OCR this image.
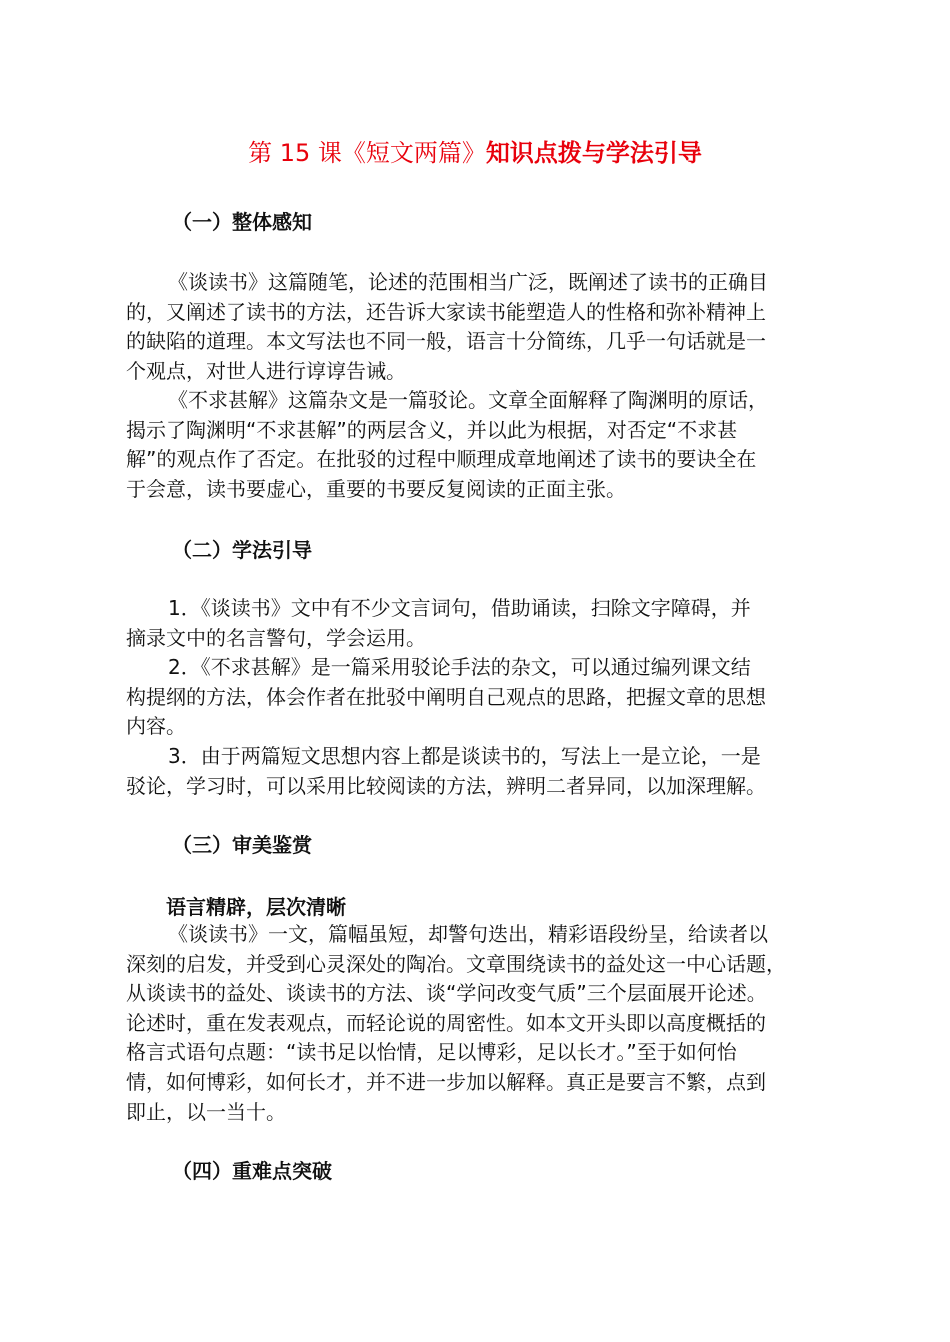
第 15 课《短文两篇》知识点拨与学法引导
（一）整体感知
《谈读书》这篇随笔，论述的范围相当广泛，既阐述了读书的正确目
的，又阐述了读书的方法，还告诉大家读书能塑造人的性格和弥补精神上
的缺陷的道理。本文写法也不同一般，语言十分简练，几乎一句话就是一
个观点，对世人进行谆谆告诫。
《不求甚解》这篇杂文是一篇驳论。文章全面解释了陶渊明的原话，
揭示了陶渊明“不求甚解”的两层含义，并以此为根据，对否定“不求甚
解”的观点作了否定。在批驳的过程中顺理成章地阐述了读书的要诀全在
于会意，读书要虚心，重要的书要反复阅读的正面主张。
（二）学法引导
1．《谈读书》文中有不少文言词句，借助诵读，扫除文字障碍，并
摘录文中的名言警句，学会运用。
2．《不求甚解》是一篇采用驳论手法的杂文，可以通过编列课文结
构提纲的方法，体会作者在批驳中阐明自己观点的思路，把握文章的思想
内容。
3．由于两篇短文思想内容上都是谈读书的，写法上一是立论，一是
驳论，学习时，可以采用比较阅读的方法，辨明二者异同，以加深理解。
（三）审美鉴赏
语言精辟，层次清晰
《谈读书》一文，篇幅虽短，却警句迭出，精彩语段纷呈，给读者以
深刻的启发，并受到心灵深处的陶冶。文章围绕读书的益处这一中心话题，
从谈读书的益处、谈读书的方法、谈“学问改变气质”三个层面展开论述。
论述时，重在发表观点，而轻论说的周密性。如本文开头即以高度概括的
格言式语句点题：“读书足以怡情，足以博彩，足以长才。”至于如何怡
情，如何博彩，如何长才，并不进一步加以解释。真正是要言不繁，点到
即止，以一当十。
（四）重难点突破
